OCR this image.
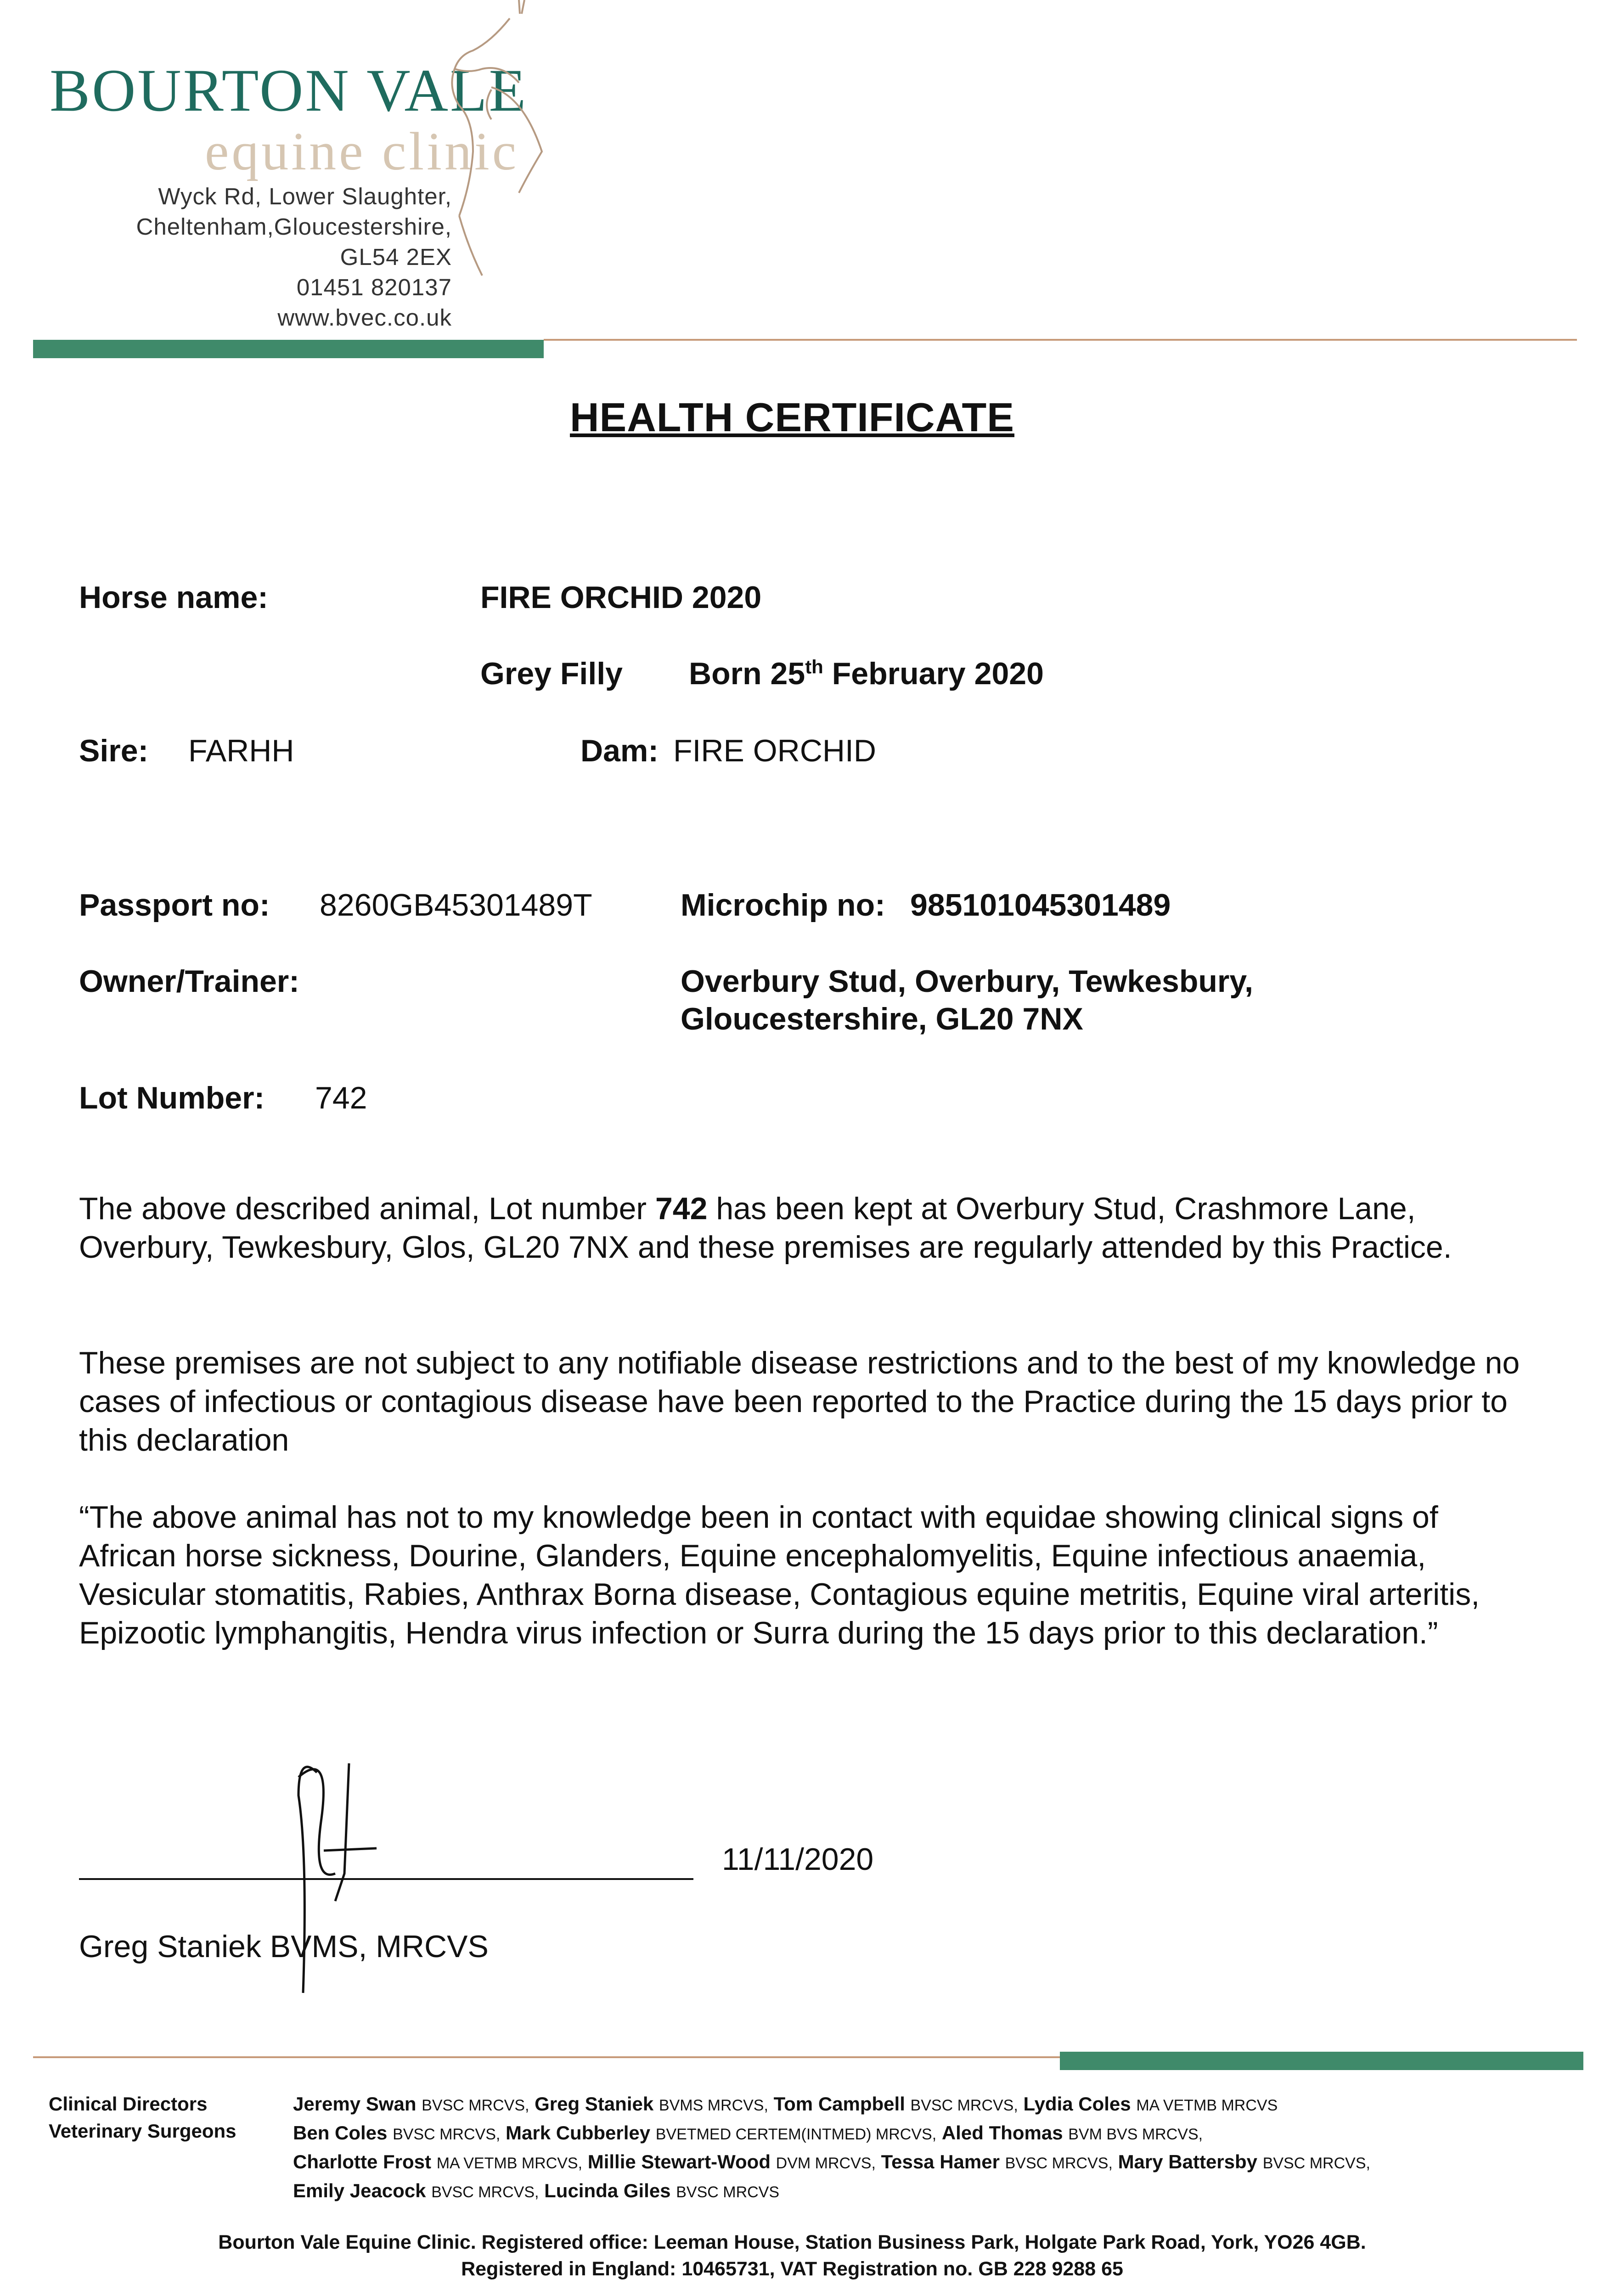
BOURTON VALE
equine clinic
Wyck Rd, Lower Slaughter,
Cheltenham,Gloucestershire,
GL54 2EX
01451 820137
www.bvec.co.uk
HEALTH CERTIFICATE
Horse name:	FIRE ORCHID 2020
Grey Filly Born 25th February 2020
Sire: FARHH	Dam: FIRE ORCHID
Passport no: 8260GB45301489T	Microchip no: 985101045301489
Owner/Trainer:	Overbury Stud, Overbury, Tewkesbury,
Gloucestershire, GL20 7NX
Lot Number: 742
The above described animal, Lot number 742 has been kept at Overbury Stud, Crashmore Lane, Overbury, Tewkesbury, Glos, GL20 7NX and these premises are regularly attended by this Practice.
These premises are not subject to any notifiable disease restrictions and to the best of my knowledge no cases of infectious or contagious disease have been reported to the Practice during the 15 days prior to this declaration
“The above animal has not to my knowledge been in contact with equidae showing clinical signs of African horse sickness, Dourine, Glanders, Equine encephalomyelitis, Equine infectious anaemia, Vesicular stomatitis, Rabies, Anthrax Borna disease, Contagious equine metritis, Equine viral arteritis, Epizootic lymphangitis, Hendra virus infection or Surra during the 15 days prior to this declaration.”
11/11/2020
Greg Staniek BVMS, MRCVS
Clinical Directors
Veterinary Surgeons
Jeremy Swan BVSC MRCVS, Greg Staniek BVMS MRCVS, Tom Campbell BVSC MRCVS, Lydia Coles MA VETMB MRCVS
Ben Coles BVSC MRCVS, Mark Cubberley BVETMED CERTEM(INTMED) MRCVS, Aled Thomas BVM BVS MRCVS,
Charlotte Frost MA VETMB MRCVS, Millie Stewart-Wood DVM MRCVS, Tessa Hamer BVSC MRCVS, Mary Battersby BVSC MRCVS,
Emily Jeacock BVSC MRCVS, Lucinda Giles BVSC MRCVS
Bourton Vale Equine Clinic. Registered office: Leeman House, Station Business Park, Holgate Park Road, York, YO26 4GB.
Registered in England: 10465731, VAT Registration no. GB 228 9288 65
